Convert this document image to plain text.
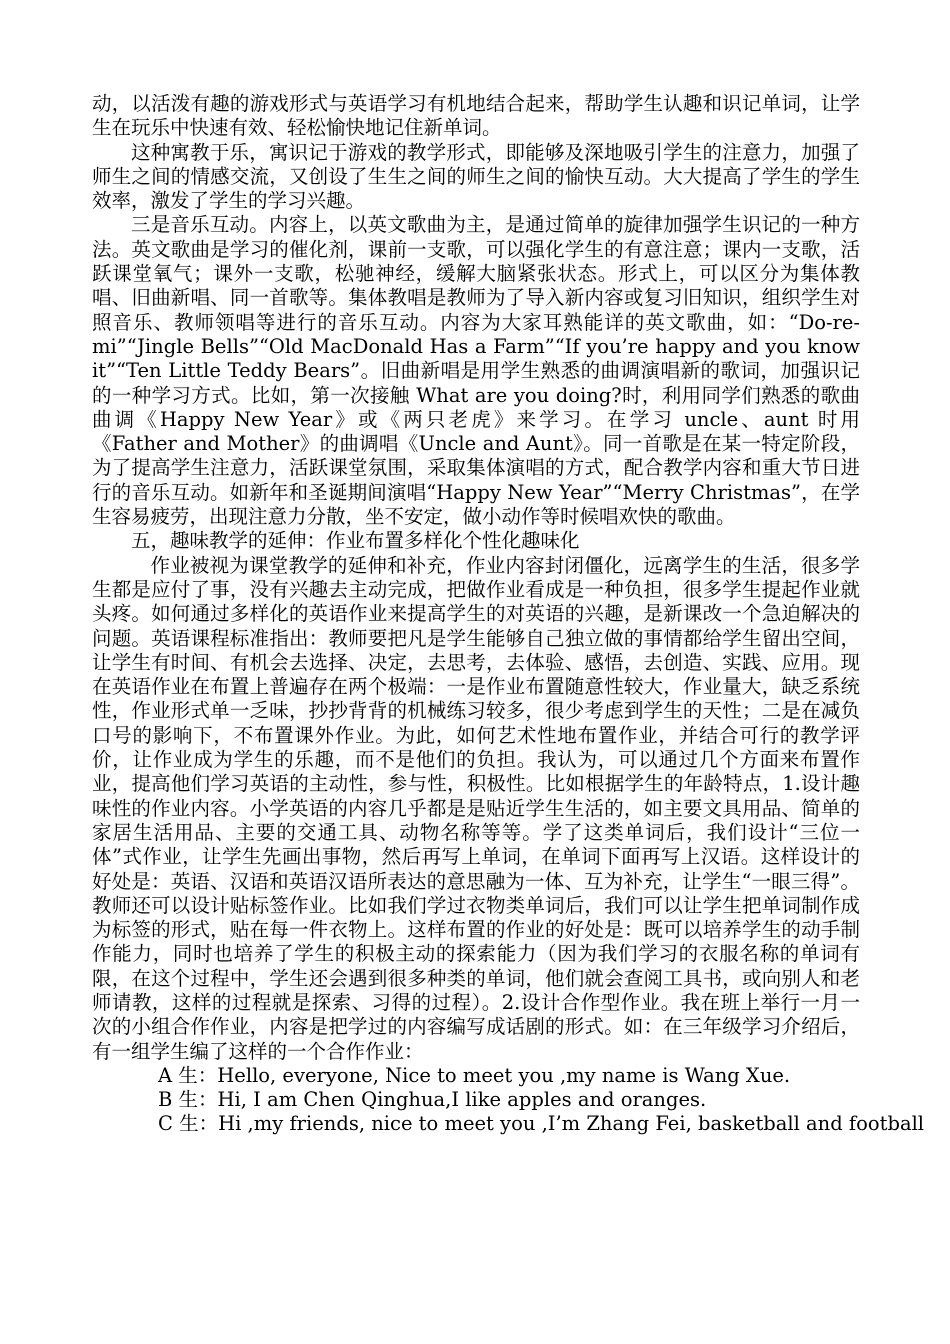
动，以活泼有趣的游戏形式与英语学习有机地结合起来，帮助学生认趣和识记单词，让学生在玩乐中快速有效、轻松愉快地记住新单词。

这种寓教于乐，寓识记于游戏的教学形式，即能够及深地吸引学生的注意力，加强了师生之间的情感交流，又创设了生生之间的师生之间的愉快互动。大大提高了学生的学生效率，激发了学生的学习兴趣。

三是音乐互动。内容上，以英文歌曲为主，是通过简单的旋律加强学生识记的一种方法。英文歌曲是学习的催化剂，课前一支歌，可以强化学生的有意注意；课内一支歌，活跃课堂氧气；课外一支歌，松驰神经，缓解大脑紧张状态。形式上，可以区分为集体教唱、旧曲新唱、同一首歌等。集体教唱是教师为了导入新内容或复习旧知识，组织学生对照音乐、教师领唱等进行的音乐互动。内容为大家耳熟能详的英文歌曲，如：“Do-re-mi”“Jingle Bells”“Old MacDonald Has a Farm”“If you’re happy and you know it”“Ten Little Teddy Bears”。旧曲新唱是用学生熟悉的曲调演唱新的歌词，加强识记的一种学习方式。比如，第一次接触 What are you doing?时，利用同学们熟悉的歌曲曲调《Happy New Year》或《两只老虎》来学习。在学习 uncle、aunt 时用《Father and Mother》的曲调唱《Uncle and Aunt》。同一首歌是在某一特定阶段，为了提高学生注意力，活跃课堂氛围，采取集体演唱的方式，配合教学内容和重大节日进行的音乐互动。如新年和圣诞期间演唱“Happy New Year”“Merry Christmas”，在学生容易疲劳，出现注意力分散，坐不安定，做小动作等时候唱欢快的歌曲。

五，趣味教学的延伸：作业布置多样化个性化趣味化

作业被视为课堂教学的延伸和补充，作业内容封闭僵化，远离学生的生活，很多学生都是应付了事，没有兴趣去主动完成，把做作业看成是一种负担，很多学生提起作业就头疼。如何通过多样化的英语作业来提高学生的对英语的兴趣，是新课改一个急迫解决的问题。英语课程标准指出：教师要把凡是学生能够自己独立做的事情都给学生留出空间，让学生有时间、有机会去选择、决定，去思考，去体验、感悟，去创造、实践、应用。现在英语作业在布置上普遍存在两个极端：一是作业布置随意性较大，作业量大，缺乏系统性，作业形式单一乏味，抄抄背背的机械练习较多，很少考虑到学生的天性；二是在减负口号的影响下，不布置课外作业。为此，如何艺术性地布置作业，并结合可行的教学评价，让作业成为学生的乐趣，而不是他们的负担。我认为，可以通过几个方面来布置作业，提高他们学习英语的主动性，参与性，积极性。比如根据学生的年龄特点，1.设计趣味性的作业内容。小学英语的内容几乎都是是贴近学生生活的，如主要文具用品、简单的家居生活用品、主要的交通工具、动物名称等等。学了这类单词后，我们设计“三位一体”式作业，让学生先画出事物，然后再写上单词，在单词下面再写上汉语。这样设计的好处是：英语、汉语和英语汉语所表达的意思融为一体、互为补充，让学生“一眼三得”。教师还可以设计贴标签作业。比如我们学过衣物类单词后，我们可以让学生把单词制作成为标签的形式，贴在每一件衣物上。这样布置的作业的好处是：既可以培养学生的动手制作能力，同时也培养了学生的积极主动的探索能力（因为我们学习的衣服名称的单词有限，在这个过程中，学生还会遇到很多种类的单词，他们就会查阅工具书，或向别人和老师请教，这样的过程就是探索、习得的过程）。2.设计合作型作业。我在班上举行一月一次的小组合作作业，内容是把学过的内容编写成话剧的形式。如：在三年级学习介绍后，有一组学生编了这样的一个合作作业：

A 生：Hello, everyone, Nice to meet you ,my name is Wang Xue.

B 生：Hi, I am Chen Qinghua,I like apples and oranges.

C 生：Hi ,my friends, nice to meet you ,I’m Zhang Fei, basketball and football
